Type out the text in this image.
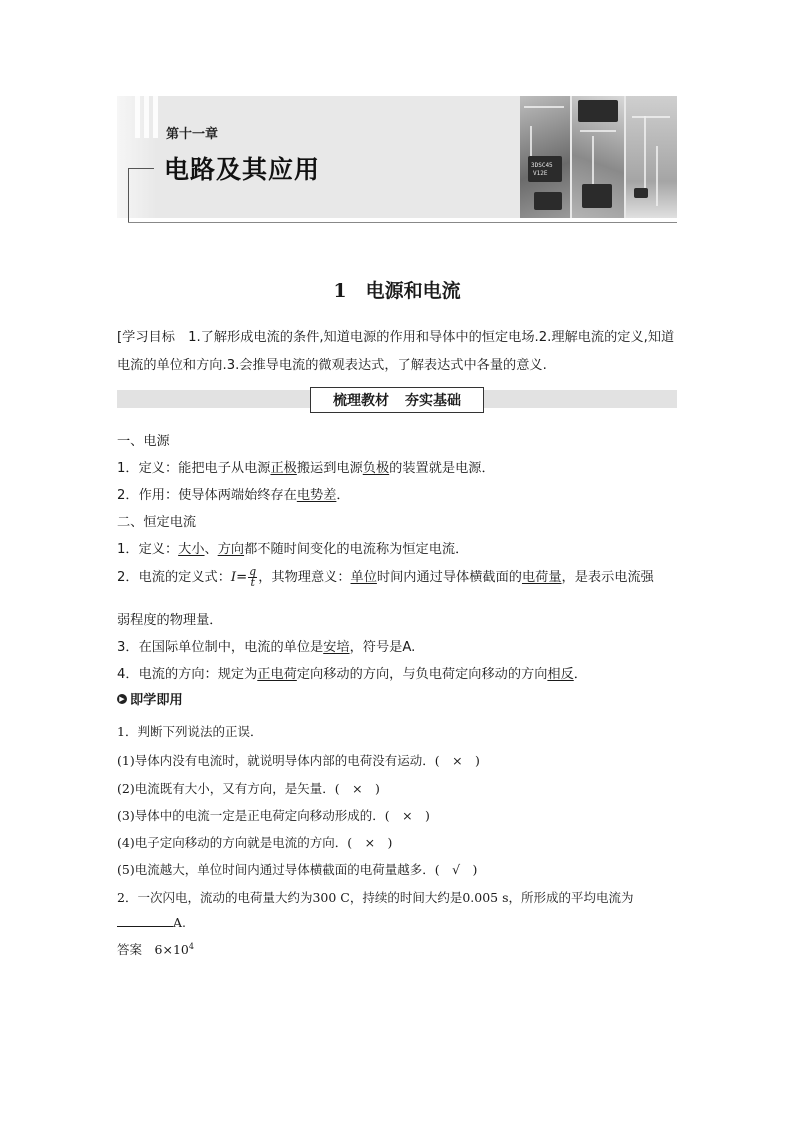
3DSC45
V12E
第十一章
电路及其应用
1　电源和电流
[学习目标　1.了解形成电流的条件,知道电源的作用和导体中的恒定电场.2.理解电流的定义,知道电流的单位和方向.3.会推导电流的微观表达式，了解表达式中各量的意义.
梳理教材	夯实基础
一、电源
1．定义：能把电子从电源正极搬运到电源负极的装置就是电源．
2．作用：使导体两端始终存在电势差．
二、恒定电流
1．定义：大小、方向都不随时间变化的电流称为恒定电流．
2．电流的定义式：$I= \frac{q}{t}$ ，其物理意义：单位时间内通过导体横截面的电荷量，是表示电流强
弱程度的物理量．
3．在国际单位制中，电流的单位是安培，符号是A.
4．电流的方向：规定为正电荷定向移动的方向，与负电荷定向移动的方向相反．
▶ 即学即用
1．判断下列说法的正误．
(1)导体内没有电流时，就说明导体内部的电荷没有运动．(　×　)
(2)电流既有大小，又有方向，是矢量．(　×　)
(3)导体中的电流一定是正电荷定向移动形成的．(　×　)
(4)电子定向移动的方向就是电流的方向．(　×　)
(5)电流越大，单位时间内通过导体横截面的电荷量越多．(　√　)
2．一次闪电，流动的电荷量大约为300 C，持续的时间大约是0.005 s，所形成的平均电流为
A.
答案　 $6\times 10^4$
